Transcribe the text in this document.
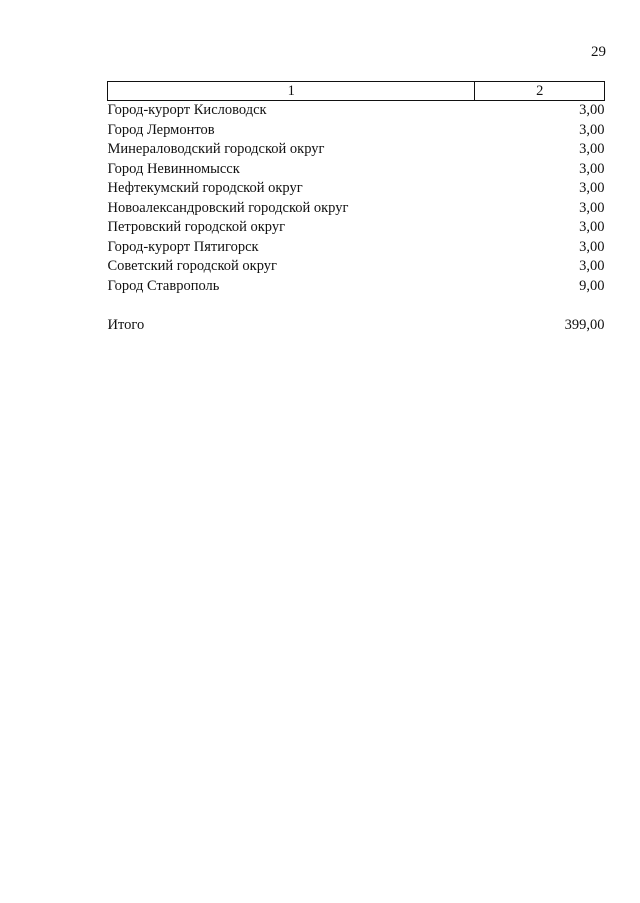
29
1	2
Город-курорт Кисловодск	3,00
Город Лермонтов	3,00
Минераловодский городской округ	3,00
Город Невинномысск	3,00
Нефтекумский городской округ	3,00
Новоалександровский городской округ	3,00
Петровский городской округ	3,00
Город-курорт Пятигорск	3,00
Советский городской округ	3,00
Город Ставрополь	9,00

Итого	399,00
